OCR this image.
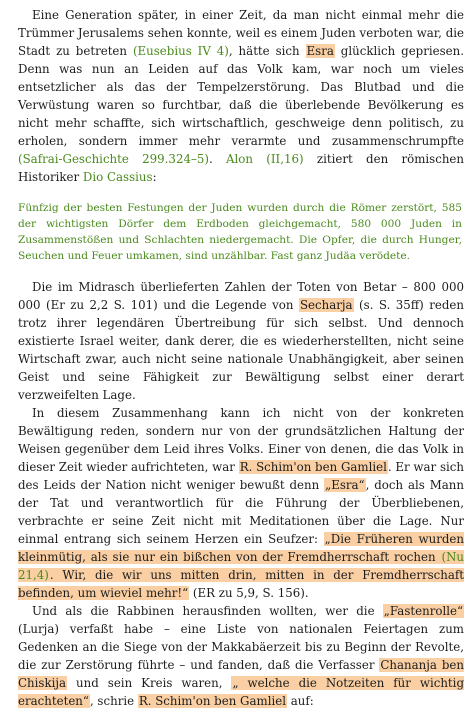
Eine Generation später, in einer Zeit, da man nicht einmal mehr die Trümmer Jerusalems sehen konnte, weil es einem Juden verboten war, die Stadt zu betreten (Eusebius IV 4), hätte sich Esra glücklich gepriesen. Denn was nun an Leiden auf das Volk kam, war noch um vieles entsetzlicher als das der Tempelzerstörung. Das Blutbad und die Verwüstung waren so furchtbar, daß die überlebende Bevölkerung es nicht mehr schaffte, sich wirtschaftlich, geschweige denn politisch, zu erholen, sondern immer mehr verarmte und zusammenschrumpfte (Safrai-Geschichte 299.324–5). Alon (II,16) zitiert den römischen Historiker Dio Cassius:

Fünfzig der besten Festungen der Juden wurden durch die Römer zerstört, 585 der wichtigsten Dörfer dem Erdboden gleichgemacht, 580 000 Juden in Zusammenstößen und Schlachten niedergemacht. Die Opfer, die durch Hunger, Seuchen und Feuer umkamen, sind unzählbar. Fast ganz Judäa verödete.

Die im Midrasch überlieferten Zahlen der Toten von Betar – 800 000 000 (Er zu 2,2 S. 101) und die Legende von Secharja (s. S. 35ff) reden trotz ihrer legendären Übertreibung für sich selbst. Und dennoch existierte Israel weiter, dank derer, die es wiederherstellten, nicht seine Wirtschaft zwar, auch nicht seine nationale Unabhängigkeit, aber seinen Geist und seine Fähigkeit zur Bewältigung selbst einer derart verzweifelten Lage.

In diesem Zusammenhang kann ich nicht von der konkreten Bewältigung reden, sondern nur von der grundsätzlichen Haltung der Weisen gegenüber dem Leid ihres Volks. Einer von denen, die das Volk in dieser Zeit wieder aufrichteten, war R. Schim'on ben Gamliel. Er war sich des Leids der Nation nicht weniger bewußt denn „Esra“, doch als Mann der Tat und verantwortlich für die Führung der Überbliebenen, verbrachte er seine Zeit nicht mit Meditationen über die Lage. Nur einmal entrang sich seinem Herzen ein Seufzer: „Die Früheren wurden kleinmütig, als sie nur ein bißchen von der Fremdherrschaft rochen (Nu 21,4). Wir, die wir uns mitten drin, mitten in der Fremdherrschaft befinden, um wieviel mehr!“ (ER zu 5,9, S. 156).

Und als die Rabbinen herausfinden wollten, wer die „Fastenrolle“ (Lurja) verfaßt habe – eine Liste von nationalen Feiertagen zum Gedenken an die Siege von der Makkabäerzeit bis zu Beginn der Revolte, die zur Zerstörung führte – und fanden, daß die Verfasser Chananja ben Chiskija und sein Kreis waren, „ welche die Notzeiten für wichtig erachteten“, schrie R. Schim'on ben Gamliel auf:
